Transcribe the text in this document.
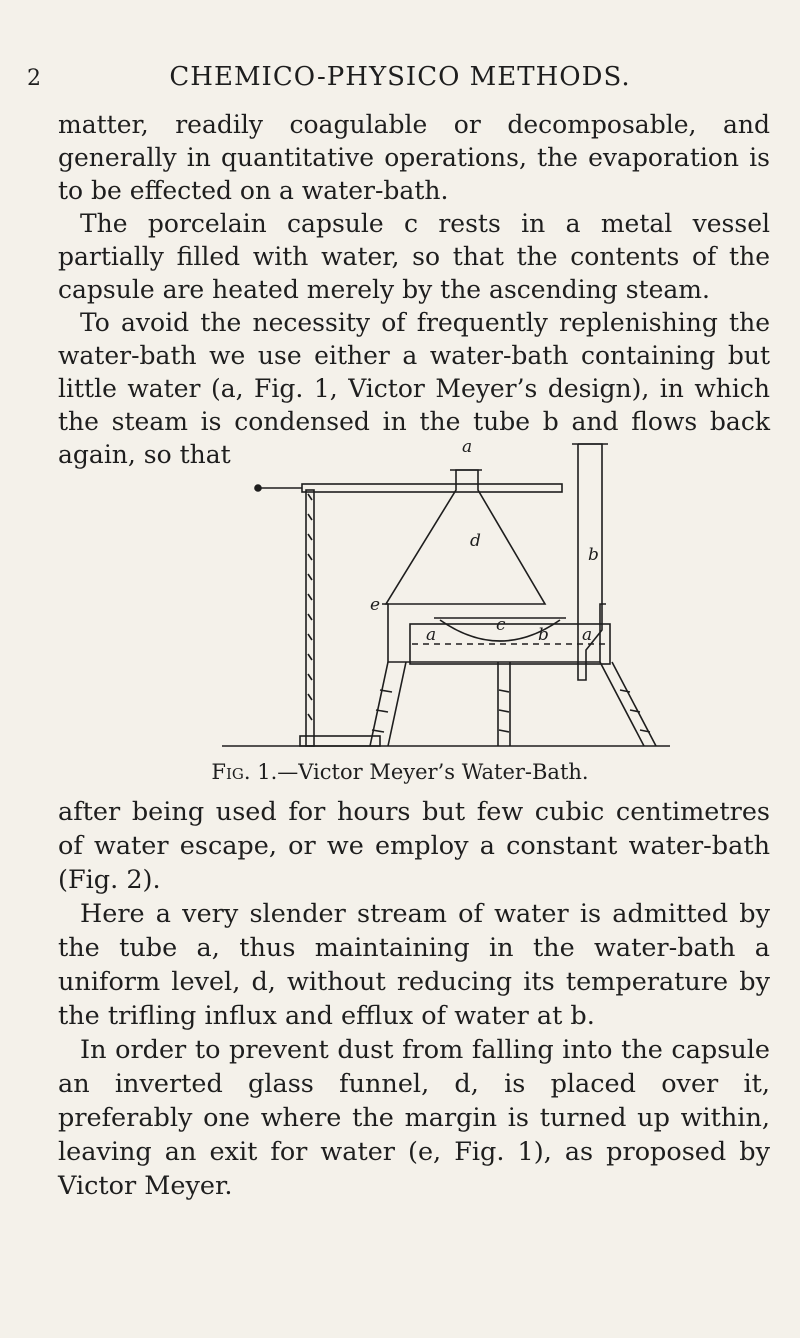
2	CHEMICO-PHYSICO METHODS.

matter, readily coagulable or decomposable, and generally in quantitative operations, the evaporation is to be effected on a water-bath.

The porcelain capsule c rests in a metal vessel partially filled with water, so that the contents of the capsule are heated merely by the ascending steam.

To avoid the necessity of frequently replenishing the water-bath we use either a water-bath containing but little water (a, Fig. 1, Victor Meyer’s design), in which the steam is condensed in the tube b and flows back again, so that	a
d
b
e
c
a	b a
Fig. 1.—Victor Meyer’s Water-Bath.

after being used for hours but few cubic centimetres of water escape, or we employ a constant water-bath (Fig. 2).

Here a very slender stream of water is admitted by the tube a, thus maintaining in the water-bath a uniform level, d, without reducing its temperature by the trifling influx and efflux of water at b.

In order to prevent dust from falling into the capsule an inverted glass funnel, d, is placed over it, preferably one where the margin is turned up within, leaving an exit for water (e, Fig. 1), as proposed by Victor Meyer.
